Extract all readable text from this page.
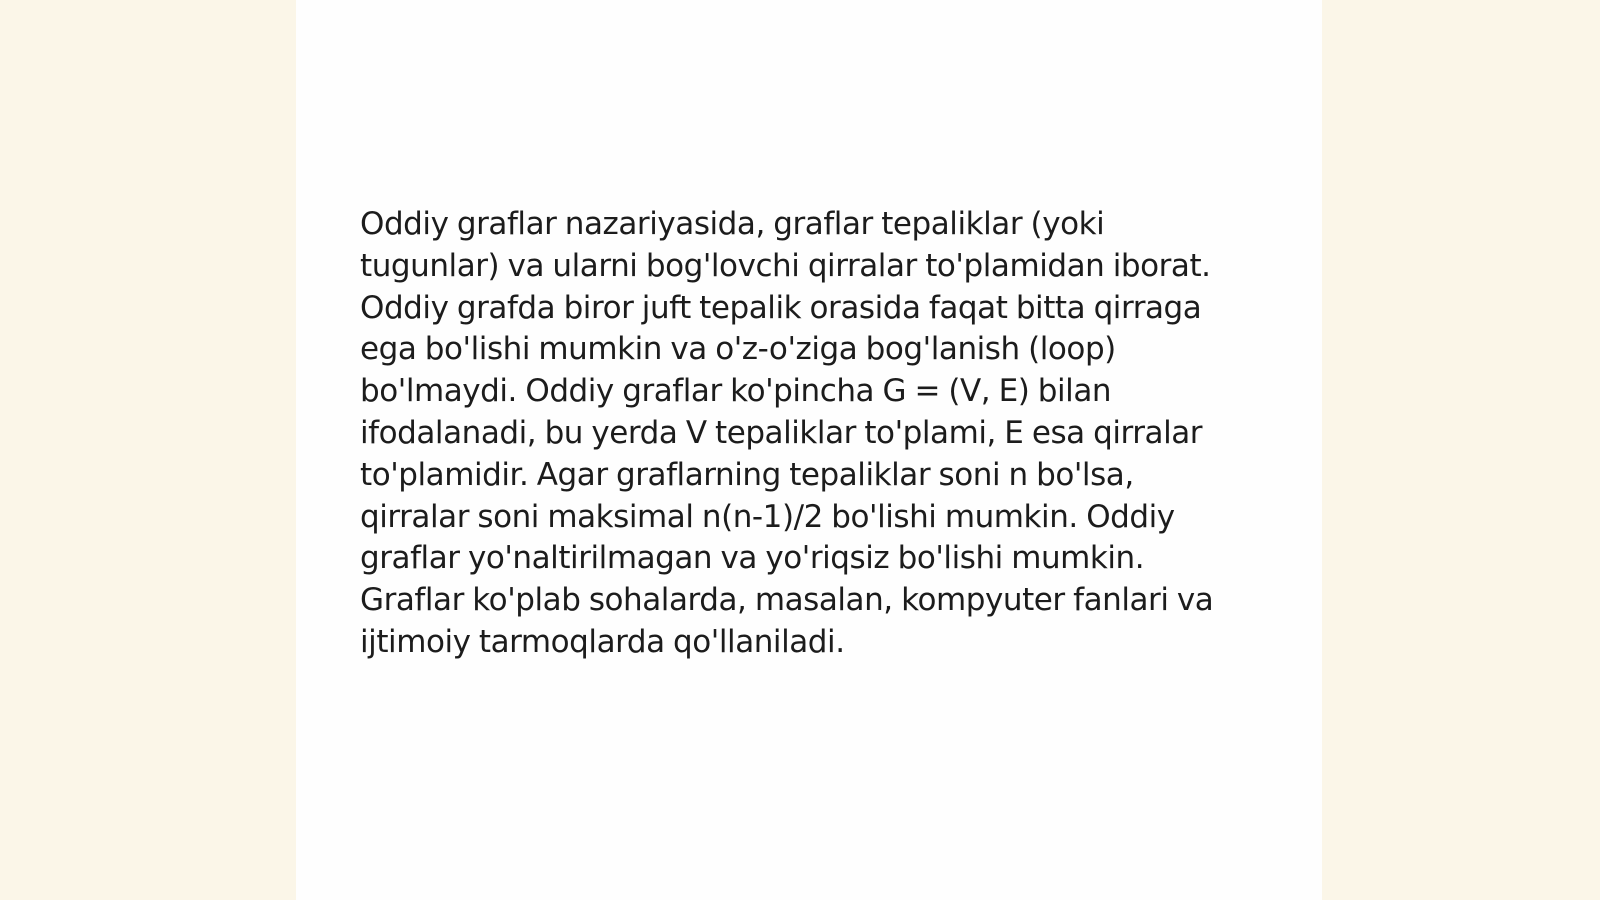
Oddiy graflar nazariyasida, graflar tepaliklar (yoki tugunlar) va ularni bog'lovchi qirralar to'plamidan iborat. Oddiy grafda biror juft tepalik orasida faqat bitta qirraga ega bo'lishi mumkin va o'z-o'ziga bog'lanish (loop) bo'lmaydi. Oddiy graflar ko'pincha G = (V, E) bilan ifodalanadi, bu yerda V tepaliklar to'plami, E esa qirralar to'plamidir. Agar graflarning tepaliklar soni n bo'lsa, qirralar soni maksimal n(n-1)/2 bo'lishi mumkin. Oddiy graflar yo'naltirilmagan va yo'riqsiz bo'lishi mumkin. Graflar ko'plab sohalarda, masalan, kompyuter fanlari va ijtimoiy tarmoqlarda qo'llaniladi.
